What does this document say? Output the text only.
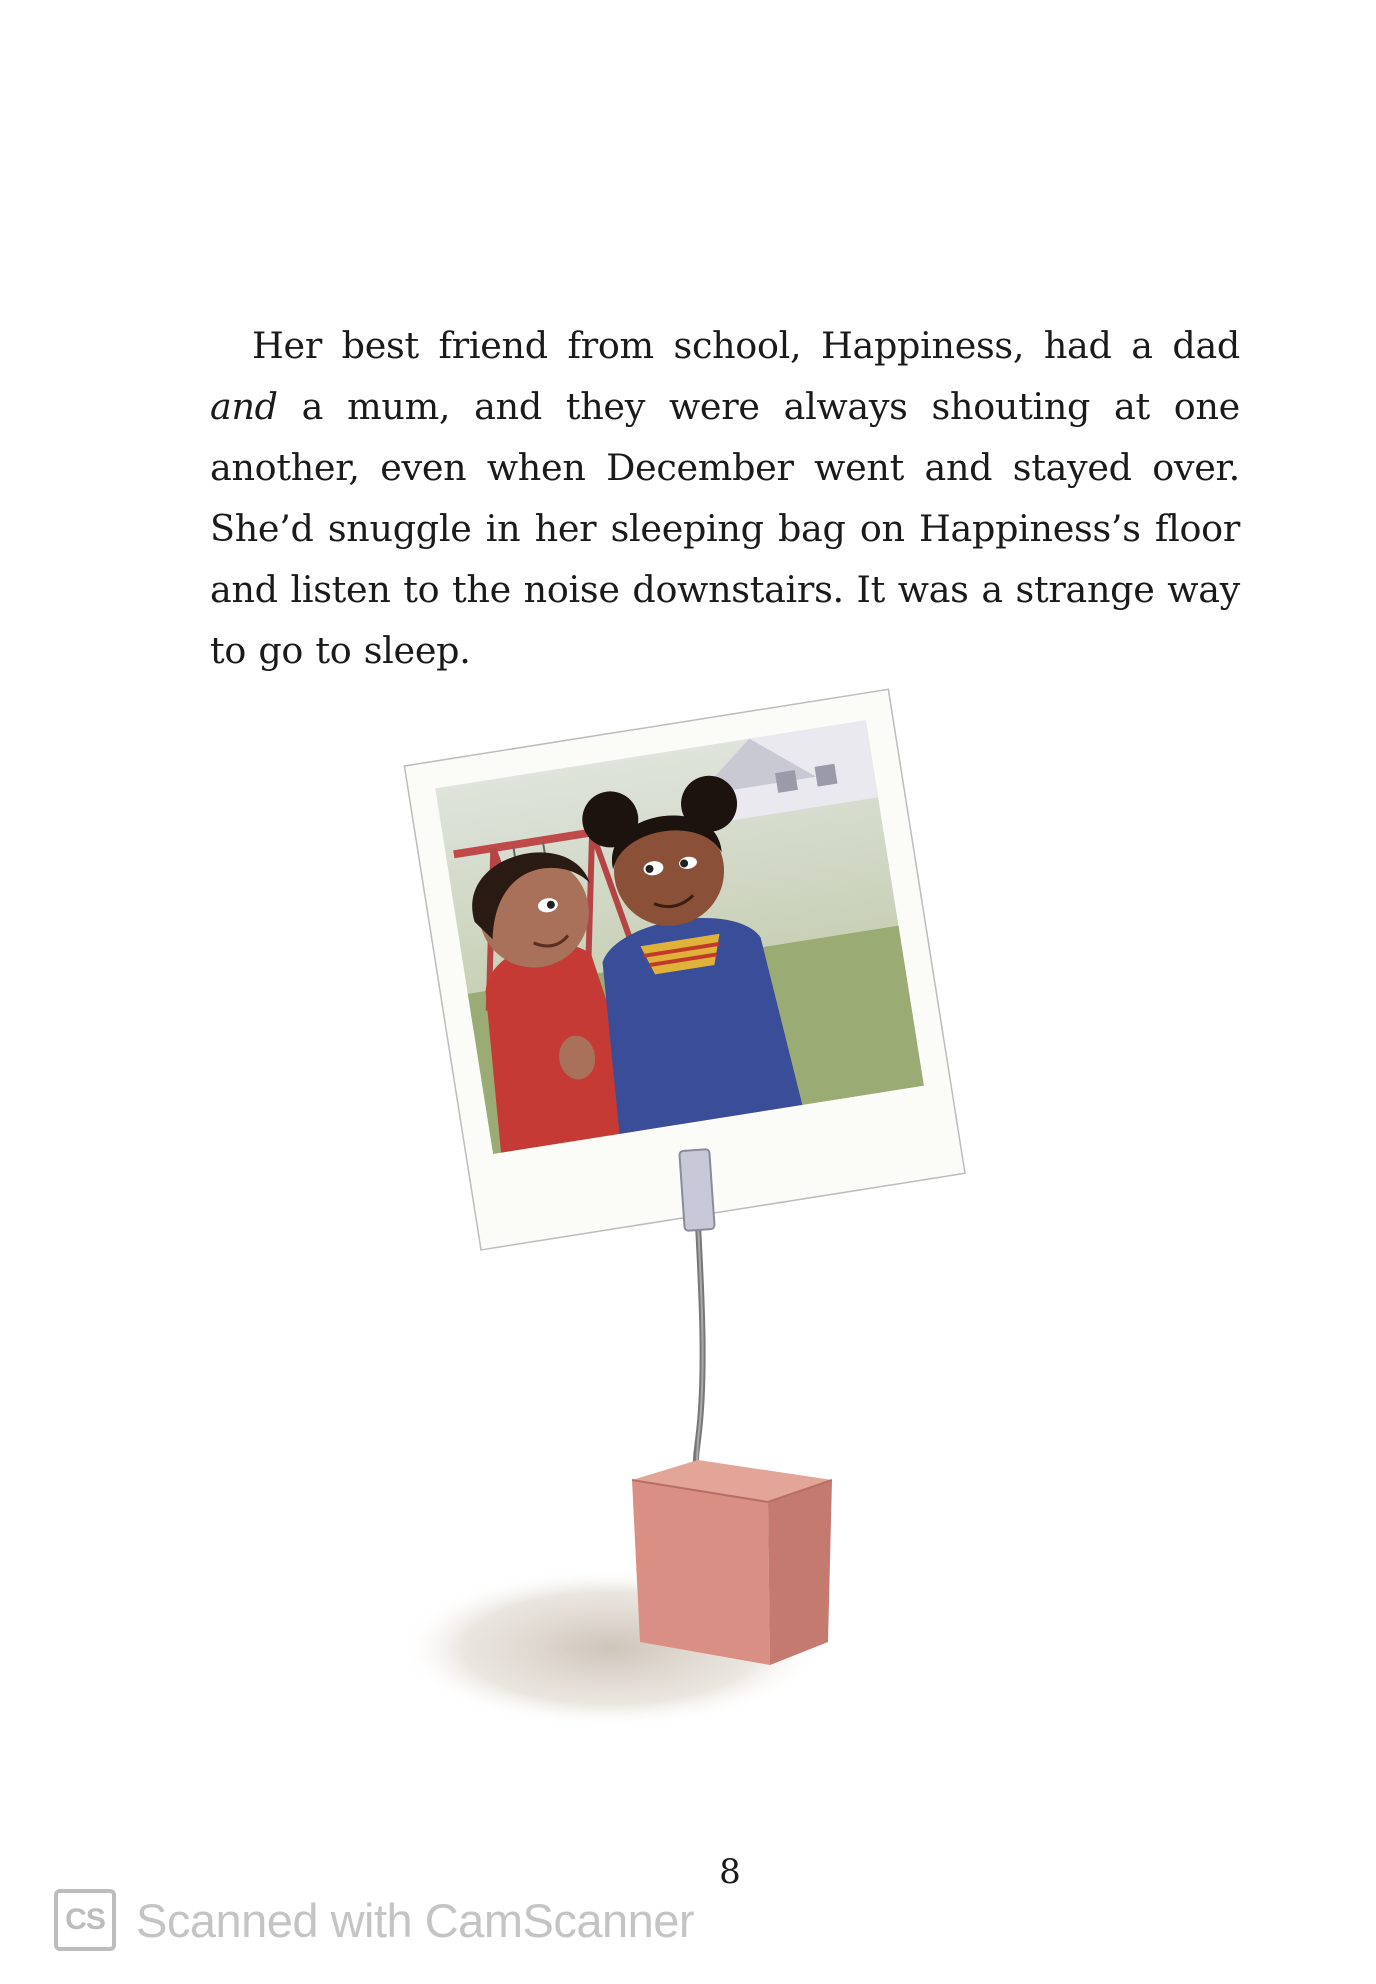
Her best friend from school, Happiness, had a dad and a mum, and they were always shouting at one another, even when December went and stayed over. She’d snuggle in her sleeping bag on Happiness’s floor and listen to the noise downstairs. It was a strange way to go to sleep.

8
CS Scanned with CamScanner
